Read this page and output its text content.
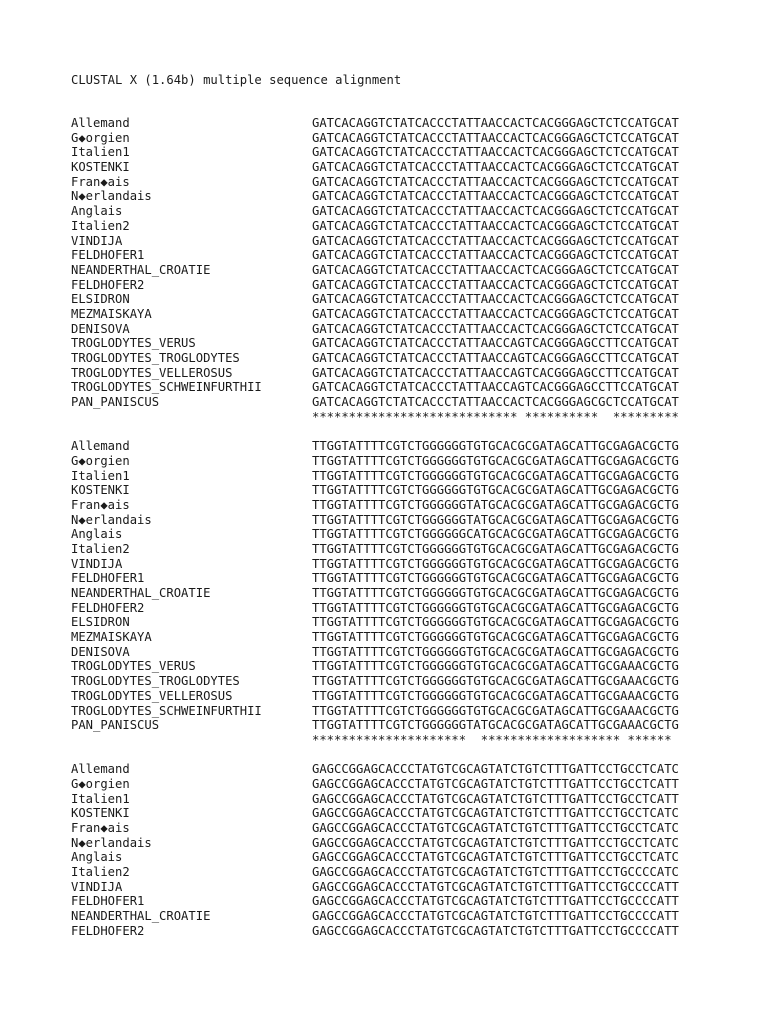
CLUSTAL X (1.64b) multiple sequence alignment
Allemand	GATCACAGGTCTATCACCCTATTAACCACTCACGGGAGCTCTCCATGCAT
G◆orgien	GATCACAGGTCTATCACCCTATTAACCACTCACGGGAGCTCTCCATGCAT
Italien1	GATCACAGGTCTATCACCCTATTAACCACTCACGGGAGCTCTCCATGCAT
KOSTENKI	GATCACAGGTCTATCACCCTATTAACCACTCACGGGAGCTCTCCATGCAT
Fran◆ais	GATCACAGGTCTATCACCCTATTAACCACTCACGGGAGCTCTCCATGCAT
N◆erlandais	GATCACAGGTCTATCACCCTATTAACCACTCACGGGAGCTCTCCATGCAT
Anglais	GATCACAGGTCTATCACCCTATTAACCACTCACGGGAGCTCTCCATGCAT
Italien2	GATCACAGGTCTATCACCCTATTAACCACTCACGGGAGCTCTCCATGCAT
VINDIJA	GATCACAGGTCTATCACCCTATTAACCACTCACGGGAGCTCTCCATGCAT
FELDHOFER1	GATCACAGGTCTATCACCCTATTAACCACTCACGGGAGCTCTCCATGCAT
NEANDERTHAL_CROATIE	GATCACAGGTCTATCACCCTATTAACCACTCACGGGAGCTCTCCATGCAT
FELDHOFER2	GATCACAGGTCTATCACCCTATTAACCACTCACGGGAGCTCTCCATGCAT
ELSIDRON	GATCACAGGTCTATCACCCTATTAACCACTCACGGGAGCTCTCCATGCAT
MEZMAISKAYA	GATCACAGGTCTATCACCCTATTAACCACTCACGGGAGCTCTCCATGCAT
DENISOVA	GATCACAGGTCTATCACCCTATTAACCACTCACGGGAGCTCTCCATGCAT
TROGLODYTES_VERUS	GATCACAGGTCTATCACCCTATTAACCAGTCACGGGAGCCTTCCATGCAT
TROGLODYTES_TROGLODYTES	GATCACAGGTCTATCACCCTATTAACCAGTCACGGGAGCCTTCCATGCAT
TROGLODYTES_VELLEROSUS	GATCACAGGTCTATCACCCTATTAACCAGTCACGGGAGCCTTCCATGCAT
TROGLODYTES_SCHWEINFURTHII	GATCACAGGTCTATCACCCTATTAACCAGTCACGGGAGCCTTCCATGCAT
PAN_PANISCUS	GATCACAGGTCTATCACCCTATTAACCACTCACGGGAGCGCTCCATGCAT
**************************** **********  *********
Allemand	TTGGTATTTTCGTCTGGGGGGTGTGCACGCGATAGCATTGCGAGACGCTG
G◆orgien	TTGGTATTTTCGTCTGGGGGGTGTGCACGCGATAGCATTGCGAGACGCTG
Italien1	TTGGTATTTTCGTCTGGGGGGTGTGCACGCGATAGCATTGCGAGACGCTG
KOSTENKI	TTGGTATTTTCGTCTGGGGGGTGTGCACGCGATAGCATTGCGAGACGCTG
Fran◆ais	TTGGTATTTTCGTCTGGGGGGTATGCACGCGATAGCATTGCGAGACGCTG
N◆erlandais	TTGGTATTTTCGTCTGGGGGGTATGCACGCGATAGCATTGCGAGACGCTG
Anglais	TTGGTATTTTCGTCTGGGGGGCATGCACGCGATAGCATTGCGAGACGCTG
Italien2	TTGGTATTTTCGTCTGGGGGGTGTGCACGCGATAGCATTGCGAGACGCTG
VINDIJA	TTGGTATTTTCGTCTGGGGGGTGTGCACGCGATAGCATTGCGAGACGCTG
FELDHOFER1	TTGGTATTTTCGTCTGGGGGGTGTGCACGCGATAGCATTGCGAGACGCTG
NEANDERTHAL_CROATIE	TTGGTATTTTCGTCTGGGGGGTGTGCACGCGATAGCATTGCGAGACGCTG
FELDHOFER2	TTGGTATTTTCGTCTGGGGGGTGTGCACGCGATAGCATTGCGAGACGCTG
ELSIDRON	TTGGTATTTTCGTCTGGGGGGTGTGCACGCGATAGCATTGCGAGACGCTG
MEZMAISKAYA	TTGGTATTTTCGTCTGGGGGGTGTGCACGCGATAGCATTGCGAGACGCTG
DENISOVA	TTGGTATTTTCGTCTGGGGGGTGTGCACGCGATAGCATTGCGAGACGCTG
TROGLODYTES_VERUS	TTGGTATTTTCGTCTGGGGGGTGTGCACGCGATAGCATTGCGAAACGCTG
TROGLODYTES_TROGLODYTES	TTGGTATTTTCGTCTGGGGGGTGTGCACGCGATAGCATTGCGAAACGCTG
TROGLODYTES_VELLEROSUS	TTGGTATTTTCGTCTGGGGGGTGTGCACGCGATAGCATTGCGAAACGCTG
TROGLODYTES_SCHWEINFURTHII	TTGGTATTTTCGTCTGGGGGGTGTGCACGCGATAGCATTGCGAAACGCTG
PAN_PANISCUS	TTGGTATTTTCGTCTGGGGGGTATGCACGCGATAGCATTGCGAAACGCTG
*********************  ******************* ******
Allemand	GAGCCGGAGCACCCTATGTCGCAGTATCTGTCTTTGATTCCTGCCTCATC
G◆orgien	GAGCCGGAGCACCCTATGTCGCAGTATCTGTCTTTGATTCCTGCCTCATT
Italien1	GAGCCGGAGCACCCTATGTCGCAGTATCTGTCTTTGATTCCTGCCTCATT
KOSTENKI	GAGCCGGAGCACCCTATGTCGCAGTATCTGTCTTTGATTCCTGCCTCATC
Fran◆ais	GAGCCGGAGCACCCTATGTCGCAGTATCTGTCTTTGATTCCTGCCTCATC
N◆erlandais	GAGCCGGAGCACCCTATGTCGCAGTATCTGTCTTTGATTCCTGCCTCATC
Anglais	GAGCCGGAGCACCCTATGTCGCAGTATCTGTCTTTGATTCCTGCCTCATC
Italien2	GAGCCGGAGCACCCTATGTCGCAGTATCTGTCTTTGATTCCTGCCCCATC
VINDIJA	GAGCCGGAGCACCCTATGTCGCAGTATCTGTCTTTGATTCCTGCCCCATT
FELDHOFER1	GAGCCGGAGCACCCTATGTCGCAGTATCTGTCTTTGATTCCTGCCCCATT
NEANDERTHAL_CROATIE	GAGCCGGAGCACCCTATGTCGCAGTATCTGTCTTTGATTCCTGCCCCATT
FELDHOFER2	GAGCCGGAGCACCCTATGTCGCAGTATCTGTCTTTGATTCCTGCCCCATT
